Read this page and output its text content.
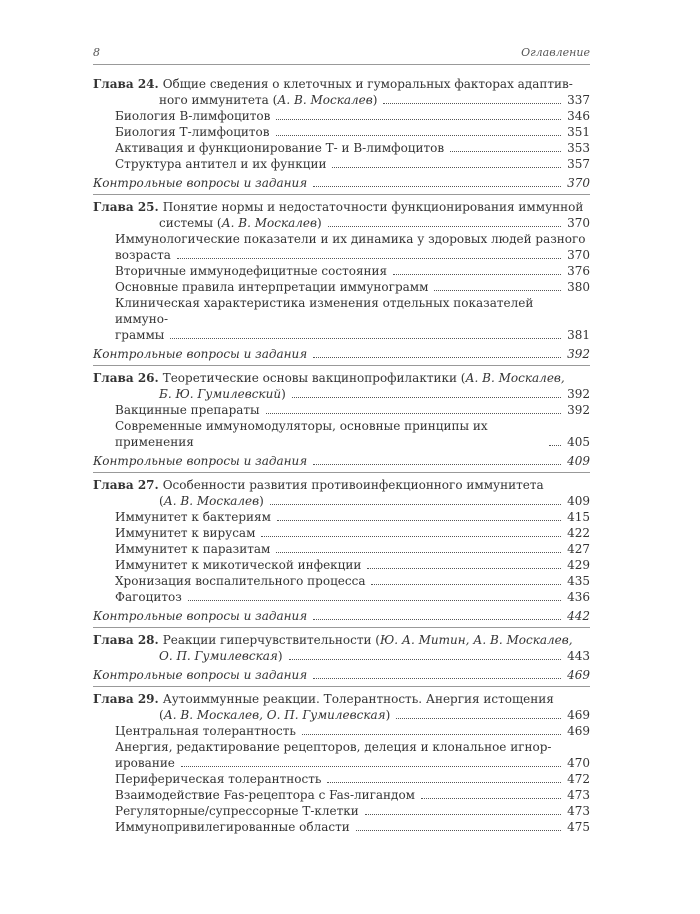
8	Оглавление
Глава 24. Общие сведения о клеточных и гуморальных факторах адаптив-
ного иммунитета (А. В. Москалев)	337
Биология В-лимфоцитов	346
Биология Т-лимфоцитов	351
Активация и функционирование Т- и В-лимфоцитов	353
Структура антител и их функции	357
Контрольные вопросы и задания	370
Глава 25. Понятие нормы и недостаточности функционирования иммунной
системы (А. В. Москалев)	370
Иммунологические показатели и их динамика у здоровых людей разного
возраста	370
Вторичные иммунодефицитные состояния	376
Основные правила интерпретации иммунограмм	380
Клиническая характеристика изменения отдельных показателей иммуно-
граммы	381
Контрольные вопросы и задания	392
Глава 26. Теоретические основы вакцинопрофилактики (А. В. Москалев,
Б. Ю. Гумилевский)	392
Вакцинные препараты	392
Современные иммуномодуляторы, основные принципы их применения	405
Контрольные вопросы и задания	409
Глава 27. Особенности развития противоинфекционного иммунитета
(А. В. Москалев)	409
Иммунитет к бактериям	415
Иммунитет к вирусам	422
Иммунитет к паразитам	427
Иммунитет к микотической инфекции	429
Хронизация воспалительного процесса	435
Фагоцитоз	436
Контрольные вопросы и задания	442
Глава 28. Реакции гиперчувствительности (Ю. А. Митин, А. В. Москалев,
О. П. Гумилевская)	443
Контрольные вопросы и задания	469
Глава 29. Аутоиммунные реакции. Толерантность. Анергия истощения
(А. В. Москалев, О. П. Гумилевская)	469
Центральная толерантность	469
Анергия, редактирование рецепторов, делеция и клональное игнор-
ирование	470
Периферическая толерантность	472
Взаимодействие Fas-рецептора с Fas-лигандом	473
Регуляторные/супрессорные Т-клетки	473
Иммунопривилегированные области	475
